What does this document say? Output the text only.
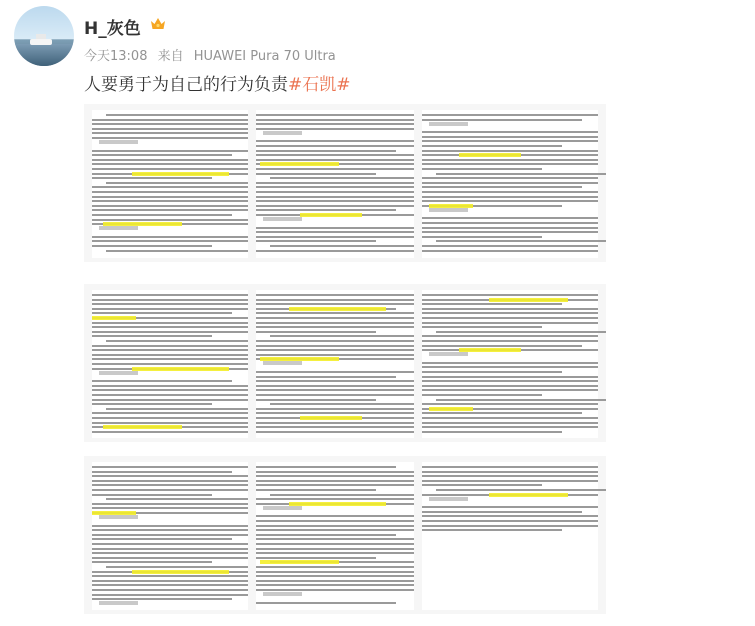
H_灰色
今天13:08 来自 HUAWEI Pura 70 Ultra
人要勇于为自己的行为负责#石凯#
